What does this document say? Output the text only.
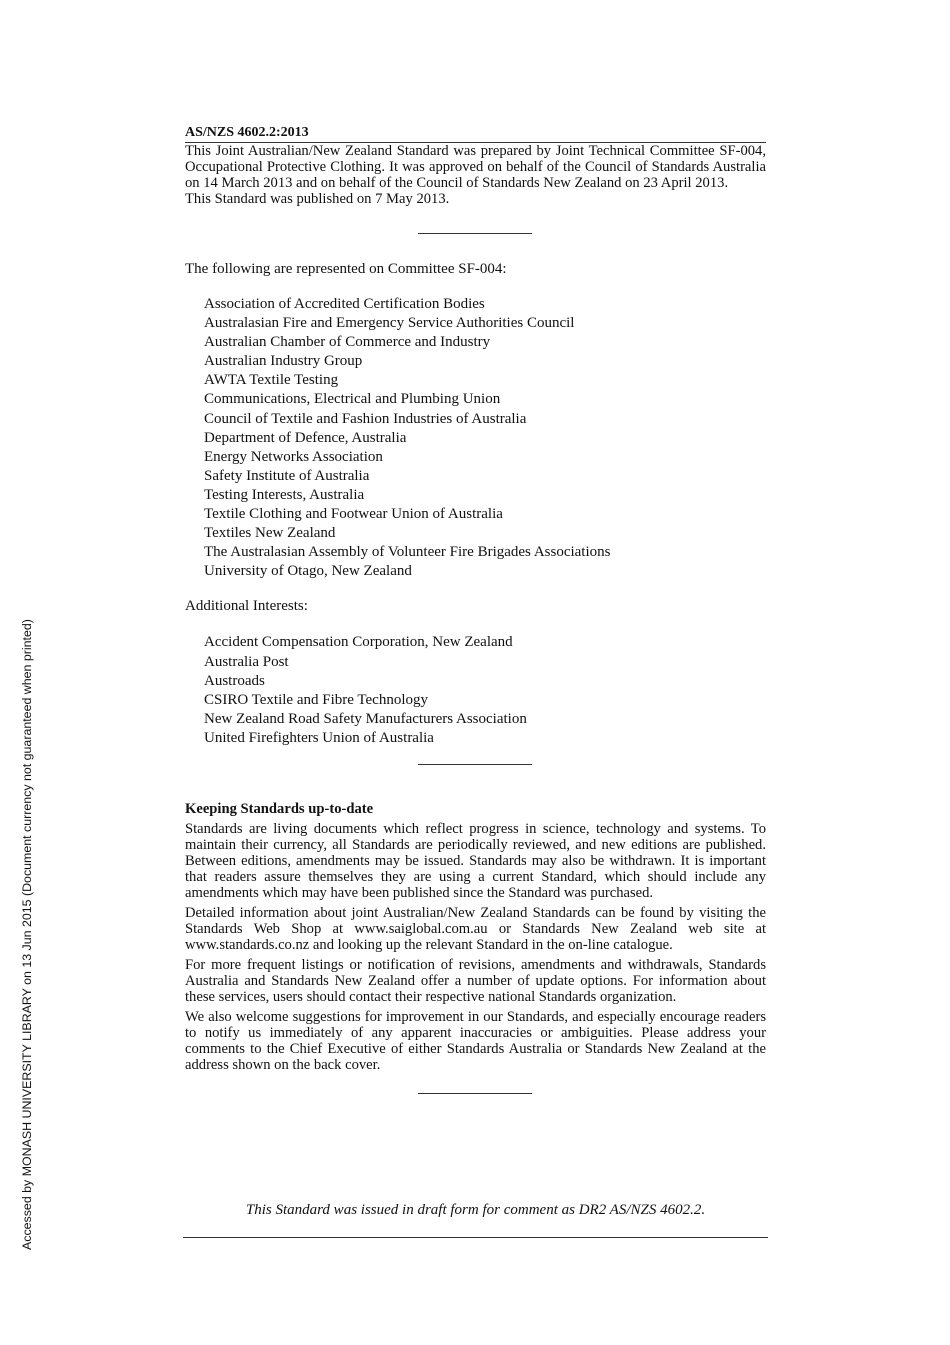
Accessed by MONASH UNIVERSITY LIBRARY on 13 Jun 2015 (Document currency not guaranteed when printed)
AS/NZS 4602.2:2013

This Joint Australian/New Zealand Standard was prepared by Joint Technical Committee SF-004, Occupational Protective Clothing. It was approved on behalf of the Council of Standards Australia on 14 March 2013 and on behalf of the Council of Standards New Zealand on 23 April 2013.

This Standard was published on 7 May 2013.

The following are represented on Committee SF-004:

Association of Accredited Certification Bodies
Australasian Fire and Emergency Service Authorities Council
Australian Chamber of Commerce and Industry
Australian Industry Group
AWTA Textile Testing
Communications, Electrical and Plumbing Union
Council of Textile and Fashion Industries of Australia
Department of Defence, Australia
Energy Networks Association
Safety Institute of Australia
Testing Interests, Australia
Textile Clothing and Footwear Union of Australia
Textiles New Zealand
The Australasian Assembly of Volunteer Fire Brigades Associations
University of Otago, New Zealand

Additional Interests:

Accident Compensation Corporation, New Zealand
Australia Post
Austroads
CSIRO Textile and Fibre Technology
New Zealand Road Safety Manufacturers Association
United Firefighters Union of Australia

Keeping Standards up-to-date

Standards are living documents which reflect progress in science, technology and systems. To maintain their currency, all Standards are periodically reviewed, and new editions are published. Between editions, amendments may be issued. Standards may also be withdrawn. It is important that readers assure themselves they are using a current Standard, which should include any amendments which may have been published since the Standard was purchased.

Detailed information about joint Australian/New Zealand Standards can be found by visiting the Standards Web Shop at www.saiglobal.com.au or Standards New Zealand web site at www.standards.co.nz and looking up the relevant Standard in the on-line catalogue.

For more frequent listings or notification of revisions, amendments and withdrawals, Standards Australia and Standards New Zealand offer a number of update options. For information about these services, users should contact their respective national Standards organization.

We also welcome suggestions for improvement in our Standards, and especially encourage readers to notify us immediately of any apparent inaccuracies or ambiguities. Please address your comments to the Chief Executive of either Standards Australia or Standards New Zealand at the address shown on the back cover.

This Standard was issued in draft form for comment as DR2 AS/NZS 4602.2.
